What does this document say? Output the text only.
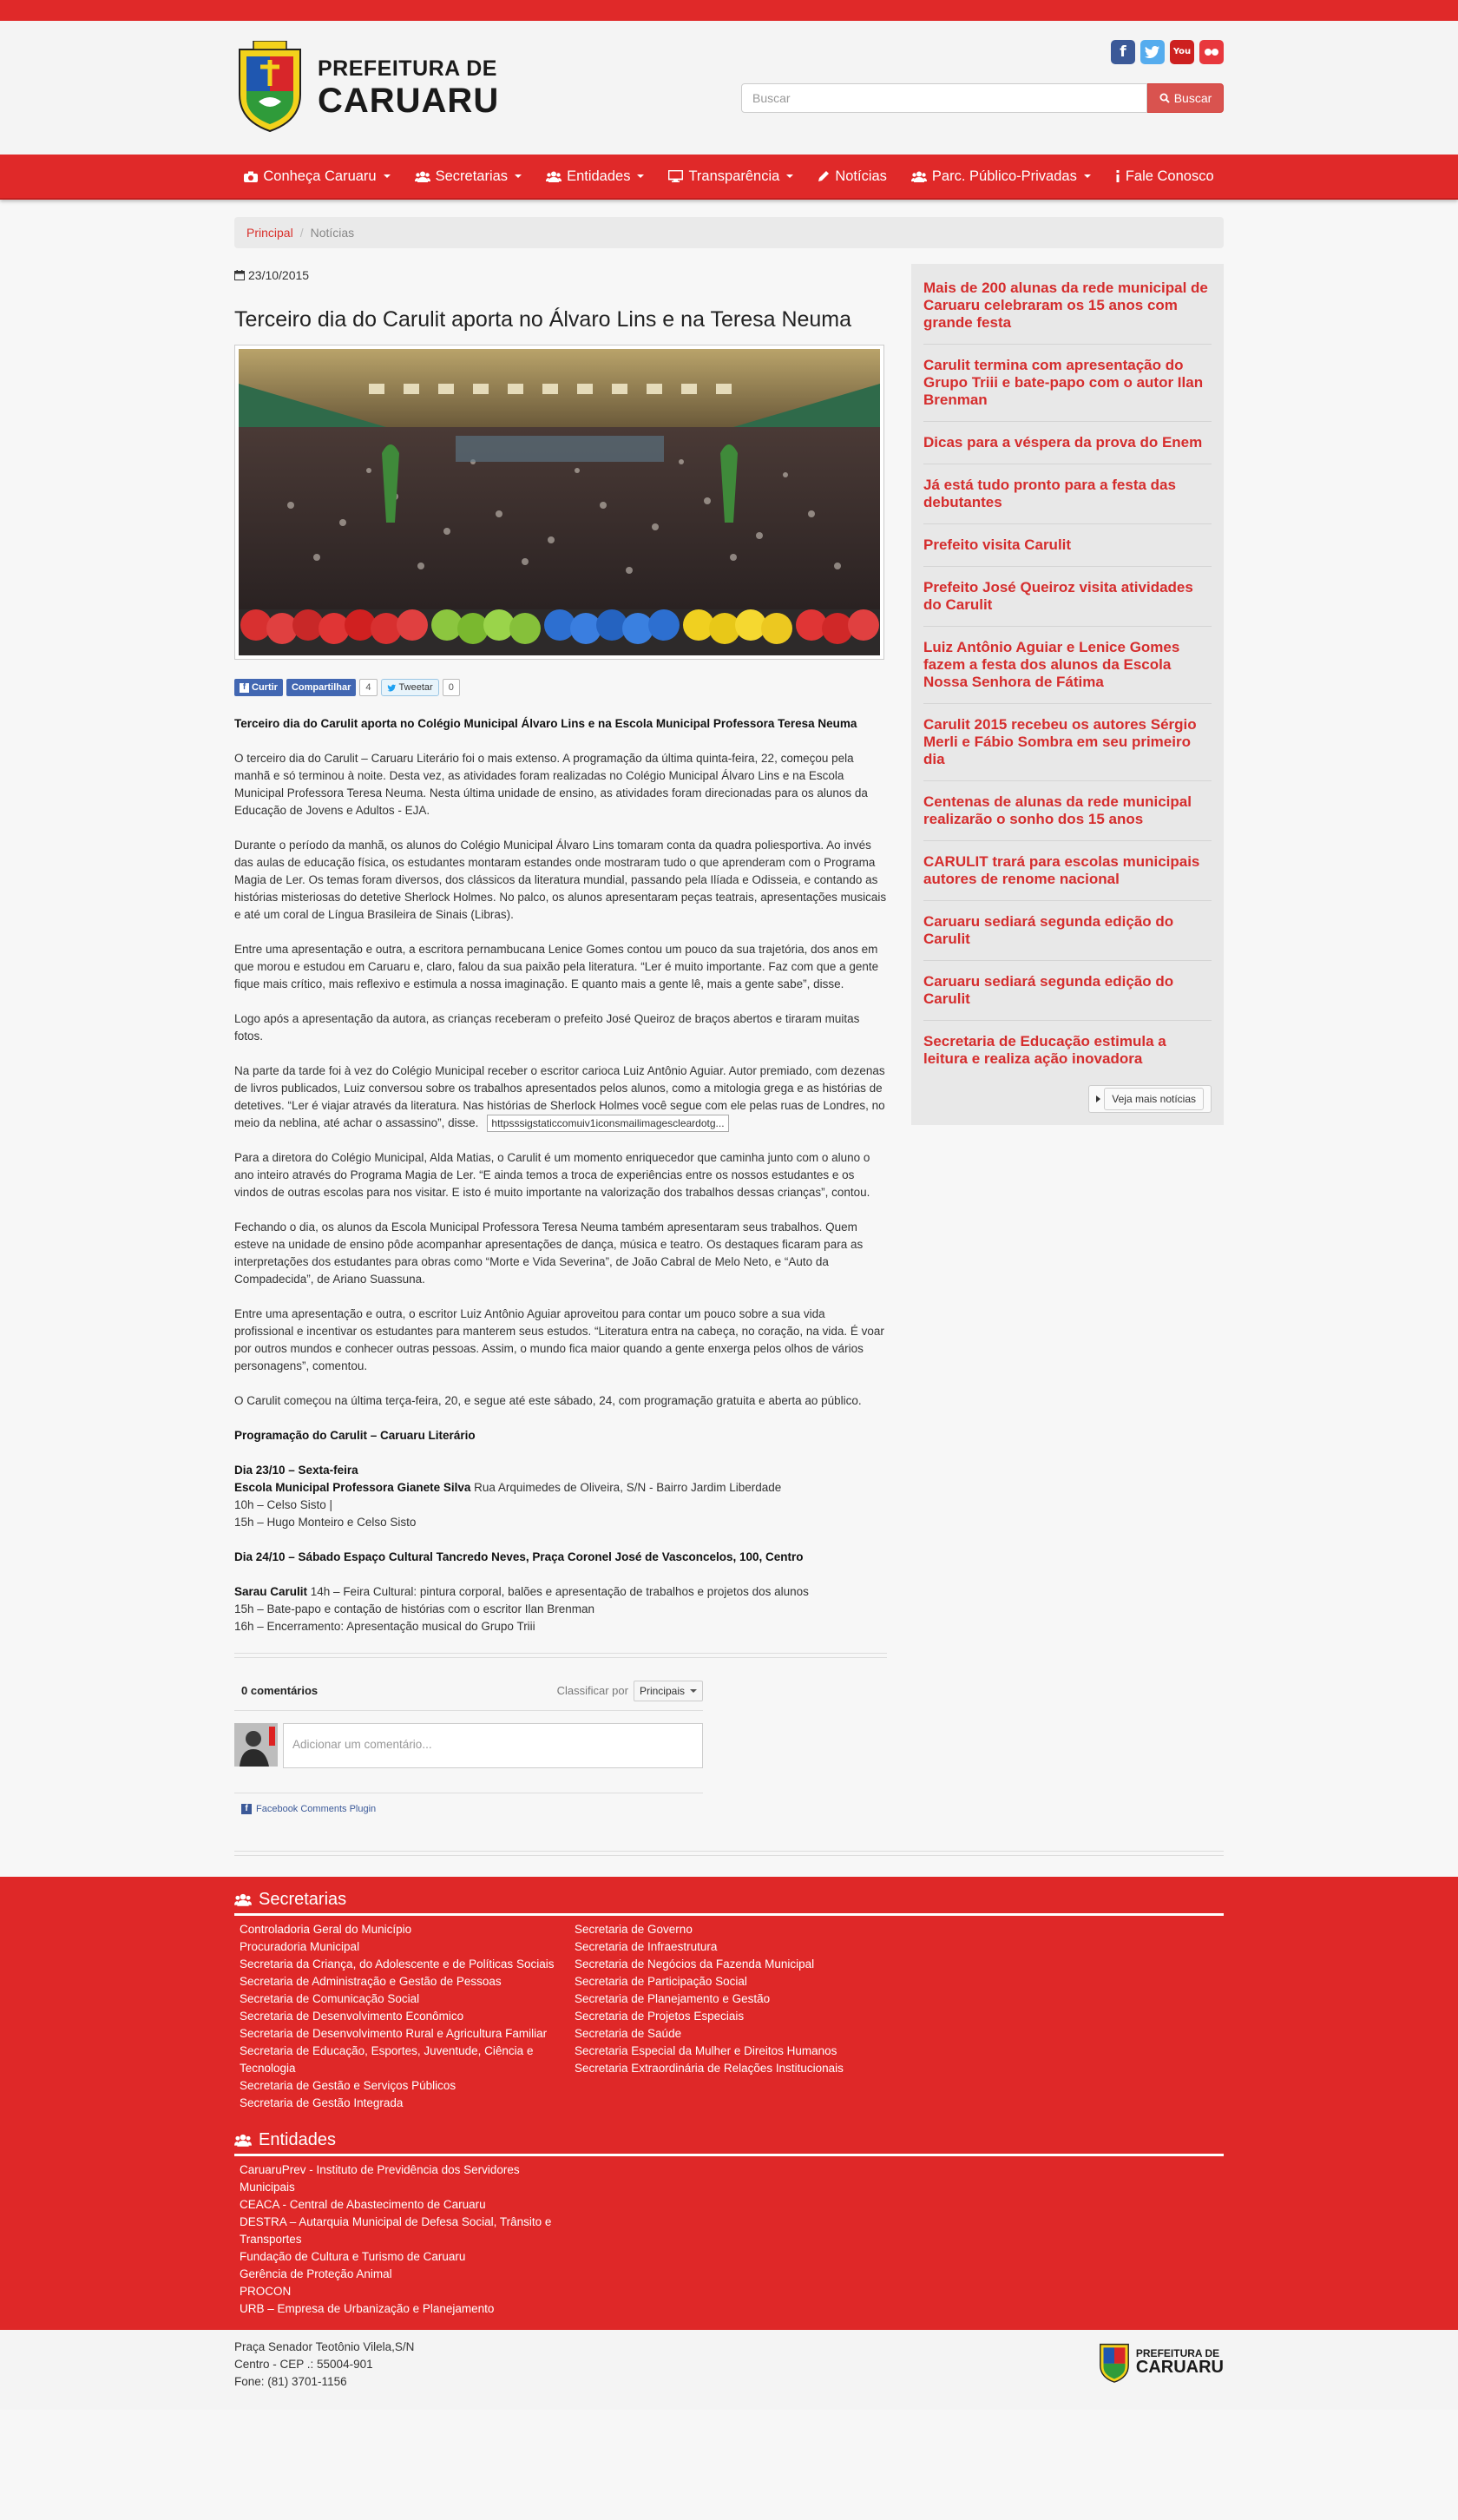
PREFEITURA DE
CARUARU
f	You

Buscar
Buscar
Conheça Caruaru	Secretarias	Entidades	Transparência	Notícias	Parc. Público-Privadas	Fale Conosco
Principal / Notícias
23/10/2015
Terceiro dia do Carulit aporta no Álvaro Lins e na Teresa Neuma
f Curtir Compartilhar	4	Tweetar	0

Terceiro dia do Carulit aporta no Colégio Municipal Álvaro Lins e na Escola Municipal Professora Teresa Neuma

O terceiro dia do Carulit – Caruaru Literário foi o mais extenso. A programação da última quinta-feira, 22, começou pela manhã e só terminou à noite. Desta vez, as atividades foram realizadas no Colégio Municipal Álvaro Lins e na Escola Municipal Professora Teresa Neuma. Nesta última unidade de ensino, as atividades foram direcionadas para os alunos da Educação de Jovens e Adultos - EJA.

Durante o período da manhã, os alunos do Colégio Municipal Álvaro Lins tomaram conta da quadra poliesportiva. Ao invés das aulas de educação física, os estudantes montaram estandes onde mostraram tudo o que aprenderam com o Programa Magia de Ler. Os temas foram diversos, dos clássicos da literatura mundial, passando pela Ilíada e Odisseia, e contando as histórias misteriosas do detetive Sherlock Holmes. No palco, os alunos apresentaram peças teatrais, apresentações musicais e até um coral de Língua Brasileira de Sinais (Libras).

Entre uma apresentação e outra, a escritora pernambucana Lenice Gomes contou um pouco da sua trajetória, dos anos em que morou e estudou em Caruaru e, claro, falou da sua paixão pela literatura. “Ler é muito importante. Faz com que a gente fique mais crítico, mais reflexivo e estimula a nossa imaginação. E quanto mais a gente lê, mais a gente sabe”, disse.

Logo após a apresentação da autora, as crianças receberam o prefeito José Queiroz de braços abertos e tiraram muitas fotos.

Na parte da tarde foi à vez do Colégio Municipal receber o escritor carioca Luiz Antônio Aguiar. Autor premiado, com dezenas de livros publicados, Luiz conversou sobre os trabalhos apresentados pelos alunos, como a mitologia grega e as histórias de detetives. “Ler é viajar através da literatura. Nas histórias de Sherlock Holmes você segue com ele pelas ruas de Londres, no meio da neblina, até achar o assassino”, disse. httpsssigstaticcomuiv1iconsmailimagescleardotg...

Para a diretora do Colégio Municipal, Alda Matias, o Carulit é um momento enriquecedor que caminha junto com o aluno o ano inteiro através do Programa Magia de Ler. “E ainda temos a troca de experiências entre os nossos estudantes e os vindos de outras escolas para nos visitar. E isto é muito importante na valorização dos trabalhos dessas crianças”, contou.

Fechando o dia, os alunos da Escola Municipal Professora Teresa Neuma também apresentaram seus trabalhos. Quem esteve na unidade de ensino pôde acompanhar apresentações de dança, música e teatro. Os destaques ficaram para as interpretações dos estudantes para obras como “Morte e Vida Severina”, de João Cabral de Melo Neto, e “Auto da Compadecida”, de Ariano Suassuna.

Entre uma apresentação e outra, o escritor Luiz Antônio Aguiar aproveitou para contar um pouco sobre a sua vida profissional e incentivar os estudantes para manterem seus estudos. “Literatura entra na cabeça, no coração, na vida. É voar por outros mundos e conhecer outras pessoas. Assim, o mundo fica maior quando a gente enxerga pelos olhos de vários personagens”, comentou.

O Carulit começou na última terça-feira, 20, e segue até este sábado, 24, com programação gratuita e aberta ao público.

Programação do Carulit – Caruaru Literário

Dia 23/10 – Sexta-feira
Escola Municipal Professora Gianete Silva Rua Arquimedes de Oliveira, S/N - Bairro Jardim Liberdade
10h – Celso Sisto |
15h – Hugo Monteiro e Celso Sisto

Dia 24/10 – Sábado Espaço Cultural Tancredo Neves, Praça Coronel José de Vasconcelos, 100, Centro

Sarau Carulit 14h – Feira Cultural: pintura corporal, balões e apresentação de trabalhos e projetos dos alunos
15h – Bate-papo e contação de histórias com o escritor Ilan Brenman
16h – Encerramento: Apresentação musical do Grupo Triii

0 comentários	Classificar por Principais
Adicionar um comentário...
f Facebook Comments Plugin
Mais de 200 alunas da rede municipal de Caruaru celebraram os 15 anos com grande festa
Carulit termina com apresentação do Grupo Triii e bate-papo com o autor Ilan Brenman
Dicas para a véspera da prova do Enem
Já está tudo pronto para a festa das debutantes
Prefeito visita Carulit
Prefeito José Queiroz visita atividades do Carulit
Luiz Antônio Aguiar e Lenice Gomes fazem a festa dos alunos da Escola Nossa Senhora de Fátima
Carulit 2015 recebeu os autores Sérgio Merli e Fábio Sombra em seu primeiro dia
Centenas de alunas da rede municipal realizarão o sonho dos 15 anos
CARULIT trará para escolas municipais autores de renome nacional
Caruaru sediará segunda edição do Carulit
Caruaru sediará segunda edição do Carulit
Secretaria de Educação estimula a leitura e realiza ação inovadora
Veja mais notícias
Secretarias
Controladoria Geral do Município
Procuradoria Municipal
Secretaria da Criança, do Adolescente e de Políticas Sociais
Secretaria de Administração e Gestão de Pessoas
Secretaria de Comunicação Social
Secretaria de Desenvolvimento Econômico
Secretaria de Desenvolvimento Rural e Agricultura Familiar
Secretaria de Educação, Esportes, Juventude, Ciência e Tecnologia
Secretaria de Gestão e Serviços Públicos
Secretaria de Gestão Integrada
Secretaria de Governo
Secretaria de Infraestrutura
Secretaria de Negócios da Fazenda Municipal
Secretaria de Participação Social
Secretaria de Planejamento e Gestão
Secretaria de Projetos Especiais
Secretaria de Saúde
Secretaria Especial da Mulher e Direitos Humanos
Secretaria Extraordinária de Relações Institucionais
Entidades
CaruaruPrev - Instituto de Previdência dos Servidores Municipais
CEACA - Central de Abastecimento de Caruaru
DESTRA – Autarquia Municipal de Defesa Social, Trânsito e Transportes
Fundação de Cultura e Turismo de Caruaru
Gerência de Proteção Animal
PROCON
URB – Empresa de Urbanização e Planejamento
Praça Senador Teotônio Vilela,S/N
Centro - CEP .: 55004-901
Fone: (81) 3701-1156
PREFEITURA DE
CARUARU
